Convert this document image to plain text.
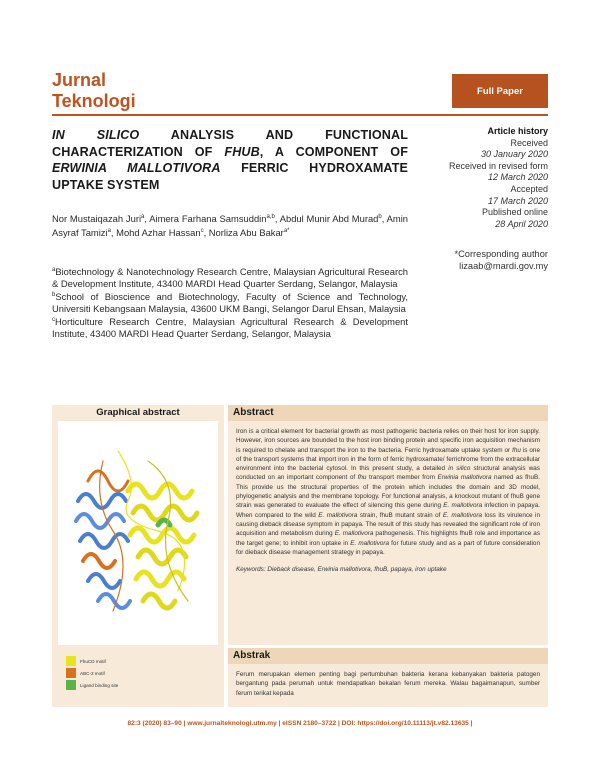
Jurnal
Teknologi	Full Paper
IN SILICO ANALYSIS AND FUNCTIONAL CHARACTERIZATION OF FHUB, A COMPONENT OF ERWINIA MALLOTIVORA FERRIC HYDROXAMATE UPTAKE SYSTEM
Nor Mustaiqazah Juri$^a$, Aimera Farhana Samsuddin$^{a,b}$, Abdul Munir Abd Murad$^b$, Amin Asyraf Tamizi$^a$, Mohd Azhar Hassan$^c$, Norliza Abu Bakar$^{a*}$

$^a$Biotechnology & Nanotechnology Research Centre, Malaysian Agricultural Research & Development Institute, 43400 MARDI Head Quarter Serdang, Selangor, Malaysia

$^b$School of Bioscience and Biotechnology, Faculty of Science and Technology, Universiti Kebangsaan Malaysia, 43600 UKM Bangi, Selangor Darul Ehsan, Malaysia

$^c$Horticulture Research Centre, Malaysian Agricultural Research & Development Institute, 43400 MARDI Head Quarter Serdang, Selangor, Malaysia

Article history
Received
30 January 2020
Received in revised form
12 March 2020
Accepted
17 March 2020
Published online
28 April 2020
*Corresponding author
lizaab@mardi.gov.my
Graphical abstract
FhuCD motif
ABC-3 motif
Ligand binding site
Abstract
Iron is a critical element for bacterial growth as most pathogenic bacteria relies on their host for iron supply. However, iron sources are bounded to the host iron binding protein and specific iron acquisition mechanism is required to chelate and transport the iron to the bacteria. Ferric hydroxamate uptake system or fhu is one of the transport systems that import iron in the form of ferric hydroxamate/ ferrichrome from the extracellular environment into the bacterial cytosol. In this present study, a detailed in silico structural analysis was conducted on an important component of fhu transport member from Erwinia mallotivora named as fhuB. This provide us the structural properties of the protein which includes the domain and 3D model, phylogenetic analysis and the membrane topology. For functional analysis, a knockout mutant of fhuB gene strain was generated to evaluate the effect of silencing this gene during E. mallotivora infection in papaya. When compared to the wild E. mallotivora strain, fhuB mutant strain of E. mallotivora loss its virulence in causing dieback disease symptom in papaya. The result of this study has revealed the significant role of iron acquisition and metabolism during E. mallotivora pathogenesis. This highlights fhuB role and importance as the target gene; to inhibit iron uptake in E. mallotivora for future study and as a part of future consideration for dieback disease management strategy in papaya.
Keywords: Dieback disease, Erwinia mallotivora, fhuB, papaya, iron uptake
Abstrak
Ferum merupakan elemen penting bagi pertumbuhan bakteria kerana kebanyakan bakteria patogen bergantung pada perumah untuk mendapatkan bekalan ferum mereka. Walau bagaimanapun, sumber ferum terikat kepada
82:3 (2020) 83–90 | www.jurnalteknologi.utm.my | eISSN 2180–3722 | DOI: https://doi.org/10.11113/jt.v82.13635 |
